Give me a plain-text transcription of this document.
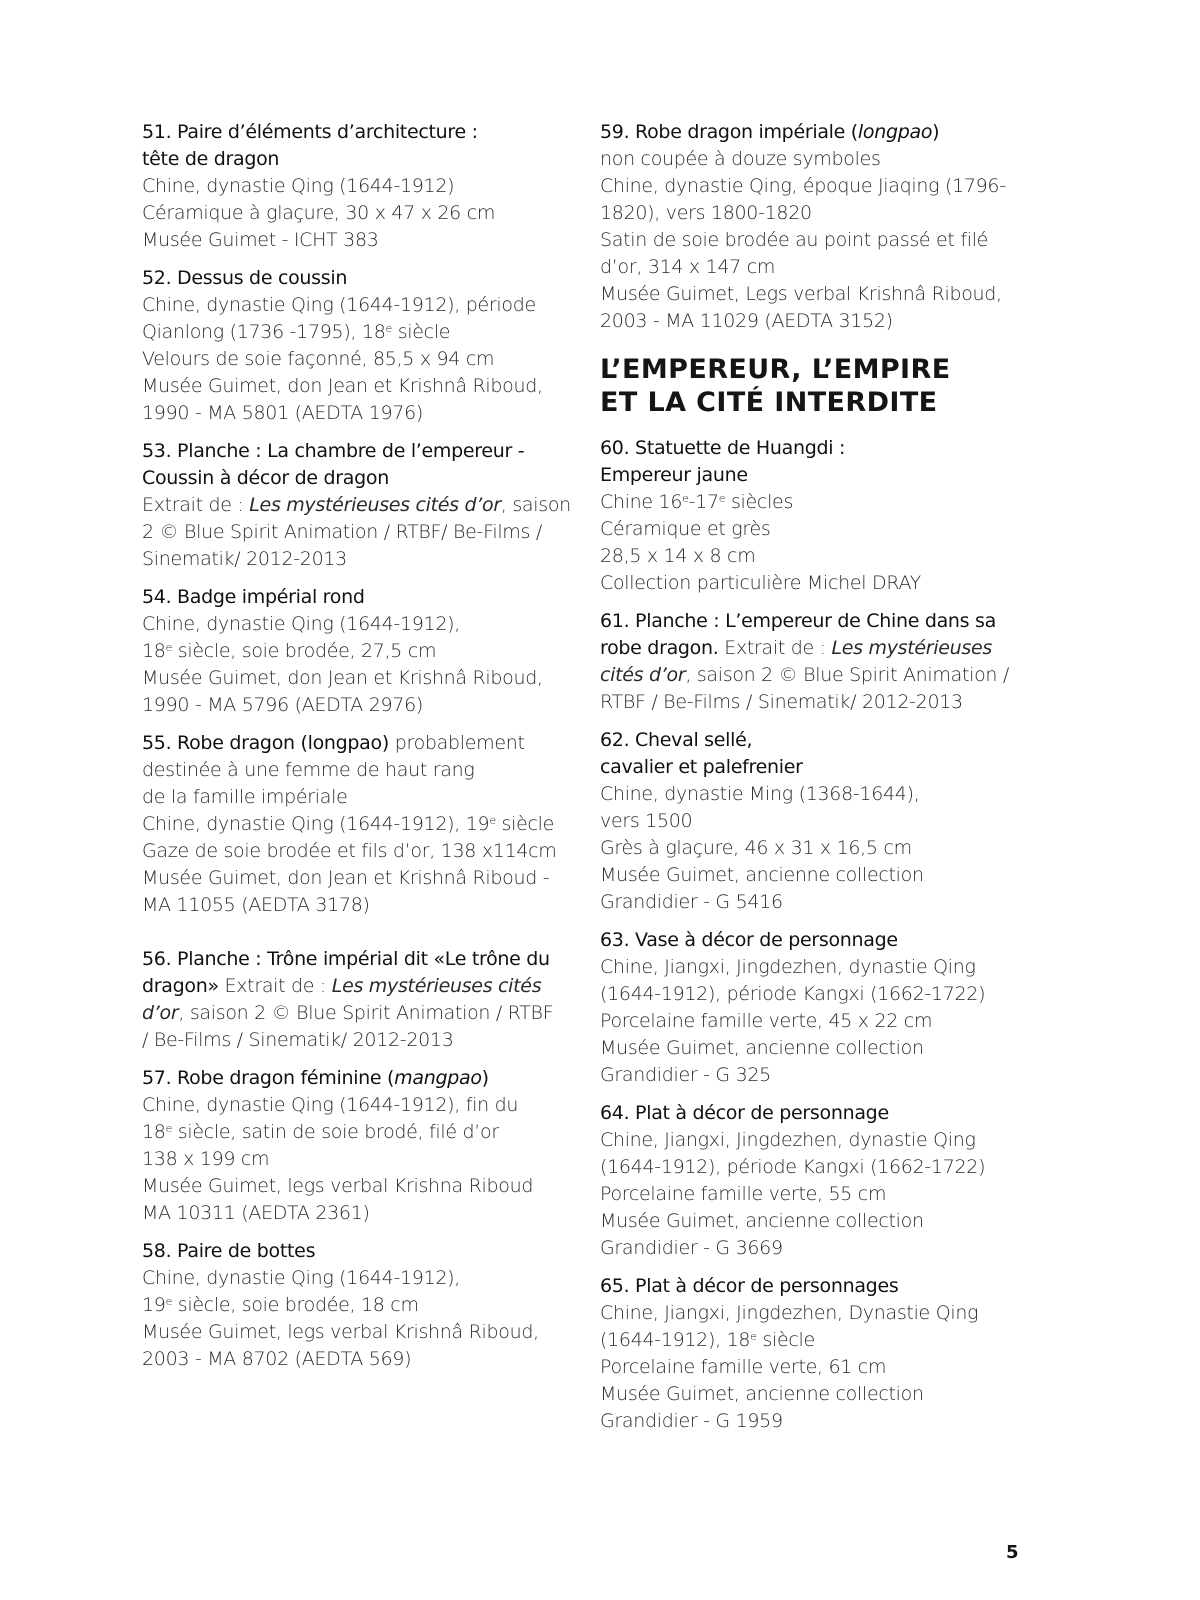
51. Paire d’éléments d’architecture :
tête de dragon
Chine, dynastie Qing (1644-1912)
Céramique à glaçure, 30 x 47 x 26 cm
Musée Guimet - ICHT 383
52. Dessus de coussin
Chine, dynastie Qing (1644-1912), période
Qianlong (1736 -1795), 18e siècle
Velours de soie façonné, 85,5 x 94 cm
Musée Guimet, don Jean et Krishnâ Riboud,
1990 - MA 5801 (AEDTA 1976)
53. Planche : La chambre de l’empereur -
Coussin à décor de dragon
Extrait de : Les mystérieuses cités d’or, saison
2 © Blue Spirit Animation / RTBF/ Be-Films /
Sinematik/ 2012-2013
54. Badge impérial rond
Chine, dynastie Qing (1644-1912),
18e siècle, soie brodée, 27,5 cm
Musée Guimet, don Jean et Krishnâ Riboud,
1990 - MA 5796 (AEDTA 2976)
55. Robe dragon (longpao) probablement
destinée à une femme de haut rang
de la famille impériale
Chine, dynastie Qing (1644-1912), 19e siècle
Gaze de soie brodée et fils d’or, 138 x114cm
Musée Guimet, don Jean et Krishnâ Riboud -
MA 11055 (AEDTA 3178)
56. Planche : Trône impérial dit «Le trône du
dragon» Extrait de : Les mystérieuses cités
d’or, saison 2 © Blue Spirit Animation / RTBF
/ Be-Films / Sinematik/ 2012-2013
57. Robe dragon féminine (mangpao)
Chine, dynastie Qing (1644-1912), fin du
18e siècle, satin de soie brodé, filé d’or
138 x 199 cm
Musée Guimet, legs verbal Krishna Riboud
MA 10311 (AEDTA 2361)
58. Paire de bottes
Chine, dynastie Qing (1644-1912),
19e siècle, soie brodée, 18 cm
Musée Guimet, legs verbal Krishnâ Riboud,
2003 - MA 8702 (AEDTA 569)
59. Robe dragon impériale (longpao)
non coupée à douze symboles
Chine, dynastie Qing, époque Jiaqing (1796-
1820), vers 1800-1820
Satin de soie brodée au point passé et filé
d’or, 314 x 147 cm
Musée Guimet, Legs verbal Krishnâ Riboud,
2003 - MA 11029 (AEDTA 3152)
L’EMPEREUR, L’EMPIRE
ET LA CITÉ INTERDITE
60. Statuette de Huangdi :
Empereur jaune
Chine 16e-17e siècles
Céramique et grès
28,5 x 14 x 8 cm
Collection particulière Michel DRAY
61. Planche : L’empereur de Chine dans sa
robe dragon. Extrait de : Les mystérieuses
cités d’or, saison 2 © Blue Spirit Animation /
RTBF / Be-Films / Sinematik/ 2012-2013
62. Cheval sellé,
cavalier et palefrenier
Chine, dynastie Ming (1368-1644),
vers 1500
Grès à glaçure, 46 x 31 x 16,5 cm
Musée Guimet, ancienne collection
Grandidier - G 5416
63. Vase à décor de personnage
Chine, Jiangxi, Jingdezhen, dynastie Qing
(1644-1912), période Kangxi (1662-1722)
Porcelaine famille verte, 45 x 22 cm
Musée Guimet, ancienne collection
Grandidier - G 325
64. Plat à décor de personnage
Chine, Jiangxi, Jingdezhen, dynastie Qing
(1644-1912), période Kangxi (1662-1722)
Porcelaine famille verte, 55 cm
Musée Guimet, ancienne collection
Grandidier - G 3669
65. Plat à décor de personnages
Chine, Jiangxi, Jingdezhen, Dynastie Qing
(1644-1912), 18e siècle
Porcelaine famille verte, 61 cm
Musée Guimet, ancienne collection
Grandidier - G 1959
5
